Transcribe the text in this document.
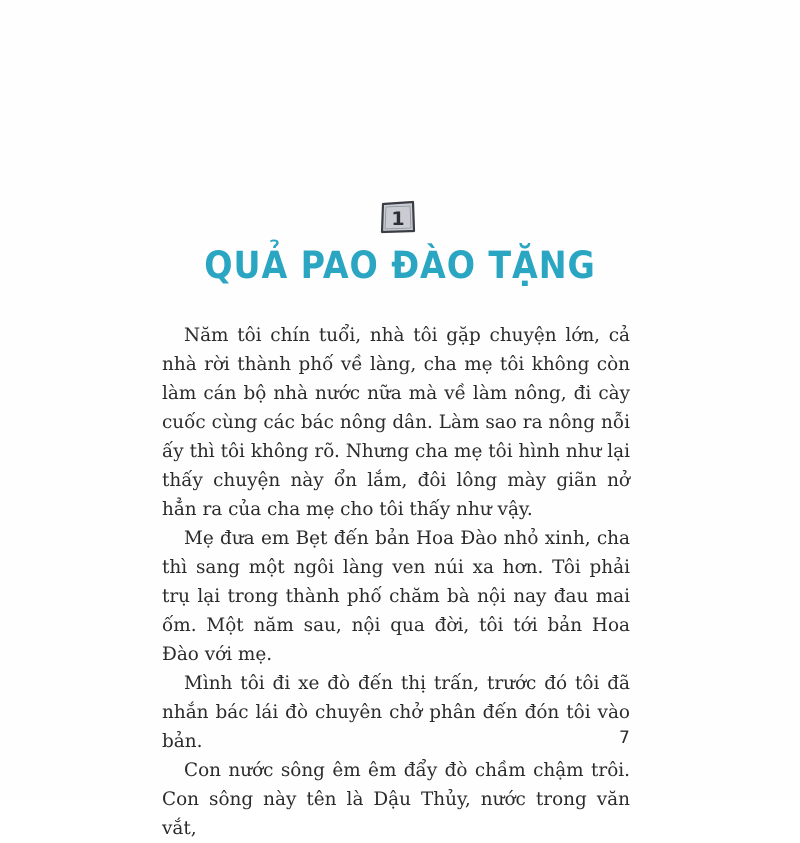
1
QUẢ PAO ĐÀO TẶNG

Năm tôi chín tuổi, nhà tôi gặp chuyện lớn, cả nhà rời thành phố về làng, cha mẹ tôi không còn làm cán bộ nhà nước nữa mà về làm nông, đi cày cuốc cùng các bác nông dân. Làm sao ra nông nỗi ấy thì tôi không rõ. Nhưng cha mẹ tôi hình như lại thấy chuyện này ổn lắm, đôi lông mày giãn nở hẳn ra của cha mẹ cho tôi thấy như vậy.

Mẹ đưa em Bẹt đến bản Hoa Đào nhỏ xinh, cha thì sang một ngôi làng ven núi xa hơn. Tôi phải trụ lại trong thành phố chăm bà nội nay đau mai ốm. Một năm sau, nội qua đời, tôi tới bản Hoa Đào với mẹ.

Mình tôi đi xe đò đến thị trấn, trước đó tôi đã nhắn bác lái đò chuyên chở phân đến đón tôi vào bản.

Con nước sông êm êm đẩy đò chầm chậm trôi. Con sông này tên là Dậu Thủy, nước trong văn vắt,

7
